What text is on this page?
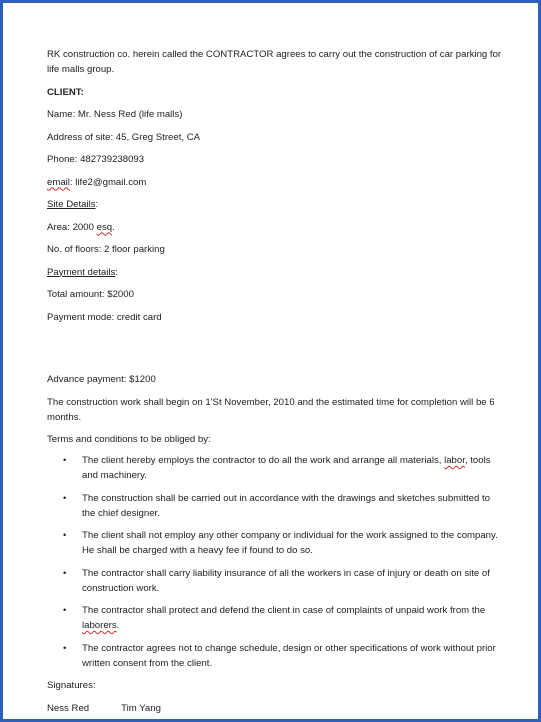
RK construction co. herein called the CONTRACTOR agrees to carry out the construction of car parking for life malls group.

CLIENT:

Name: Mr. Ness Red (life malls)

Address of site: 45, Greg Street, CA

Phone: 482739238093

email: life2@gmail.com

Site Details:

Area: 2000 esq.

No. of floors: 2 floor parking

Payment details:

Total amount: $2000

Payment mode: credit card

Advance payment: $1200

The construction work shall begin on 1'St November, 2010 and the estimated time for completion will be 6 months.

Terms and conditions to be obliged by:

• The client hereby employs the contractor to do all the work and arrange all materials, labor, tools and machinery.
• The construction shall be carried out in accordance with the drawings and sketches submitted to the chief designer.
• The client shall not employ any other company or individual for the work assigned to the company. He shall be charged with a heavy fee if found to do so.
• The contractor shall carry liability insurance of all the workers in case of injury or death on site of construction work.
• The contractor shall protect and defend the client in case of complaints of unpaid work from the laborers.
• The contractor agrees not to change schedule, design or other specifications of work without prior written consent from the client.

Signatures:

Ness Red	Tim Yang
